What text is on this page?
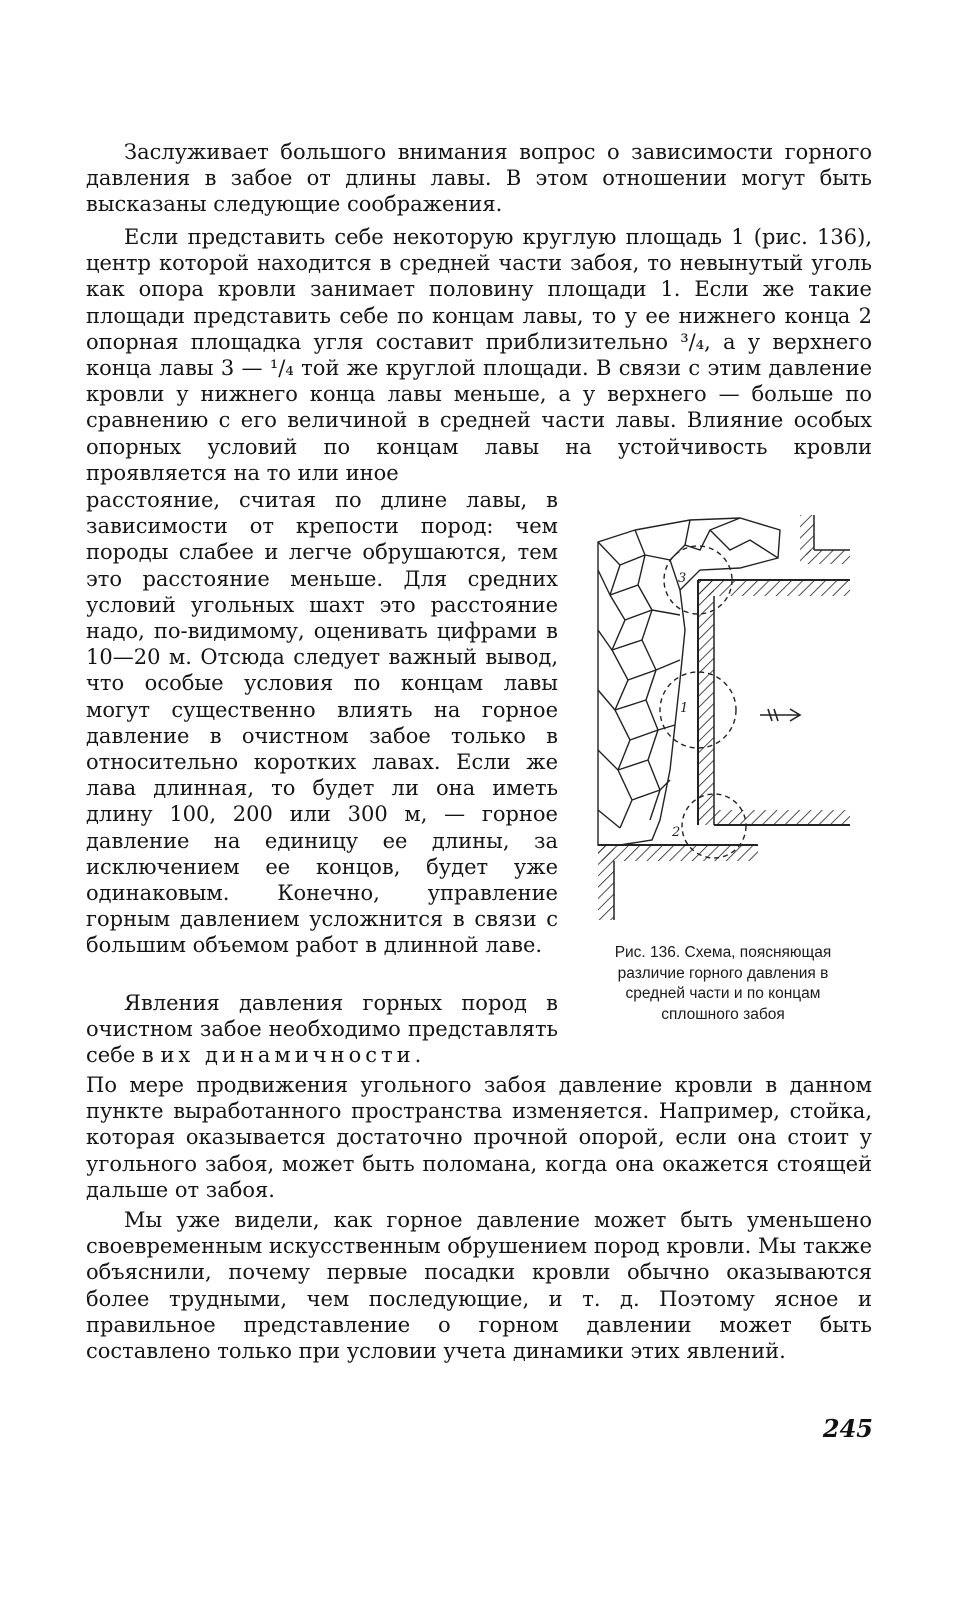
Заслуживает большого внимания вопрос о зависимости горного давления в забое от длины лавы. В этом отношении могут быть высказаны следующие соображения.

Если представить себе некоторую круглую площадь 1 (рис. 136), центр которой находится в средней части забоя, то невынутый уголь как опора кровли занимает половину площади 1. Если же такие площади представить себе по концам лавы, то у ее нижнего конца 2 опорная площадка угля составит приблизительно ³/₄, а у верхнего конца лавы 3 — ¹/₄ той же круглой площади. В связи с этим давление кровли у нижнего конца лавы меньше, а у верхнего — больше по сравнению с его величиной в средней части лавы. Влияние особых опорных условий по концам лавы на устойчивость кровли проявляется на то или иное

расстояние, считая по длине лавы, в зависимости от крепости пород: чем породы слабее и легче обрушаются, тем это расстояние меньше. Для средних условий угольных шахт это расстояние надо, по-видимому, оценивать цифрами в 10—20 м. Отсюда следует важный вывод, что особые условия по концам лавы могут существенно влиять на горное давление в очистном забое только в относительно коротких лавах. Если же лава длинная, то будет ли она иметь длину 100, 200 или 300 м, — горное давление на единицу ее длины, за исключением ее концов, будет уже одинаковым. Конечно, управление горным давлением усложнится в связи с большим объемом работ в длинной лаве.

Явления давления горных пород в очистном забое необходимо представлять себе в их динамичности.

По мере продвижения угольного забоя давление кровли в данном пункте выработанного пространства изменяется. Например, стойка, которая оказывается достаточно прочной опорой, если она стоит у угольного забоя, может быть поломана, когда она окажется стоящей дальше от забоя.

Мы уже видели, как горное давление может быть уменьшено своевременным искусственным обрушением пород кровли. Мы также объяснили, почему первые посадки кровли обычно оказываются более трудными, чем последующие, и т. д. Поэтому ясное и правильное представление о горном давлении может быть составлено только при условии учета динамики этих явлений.

3
1
2
Рис. 136. Схема, поясняющая различие горного давления в средней части и по концам сплошного забоя
245
